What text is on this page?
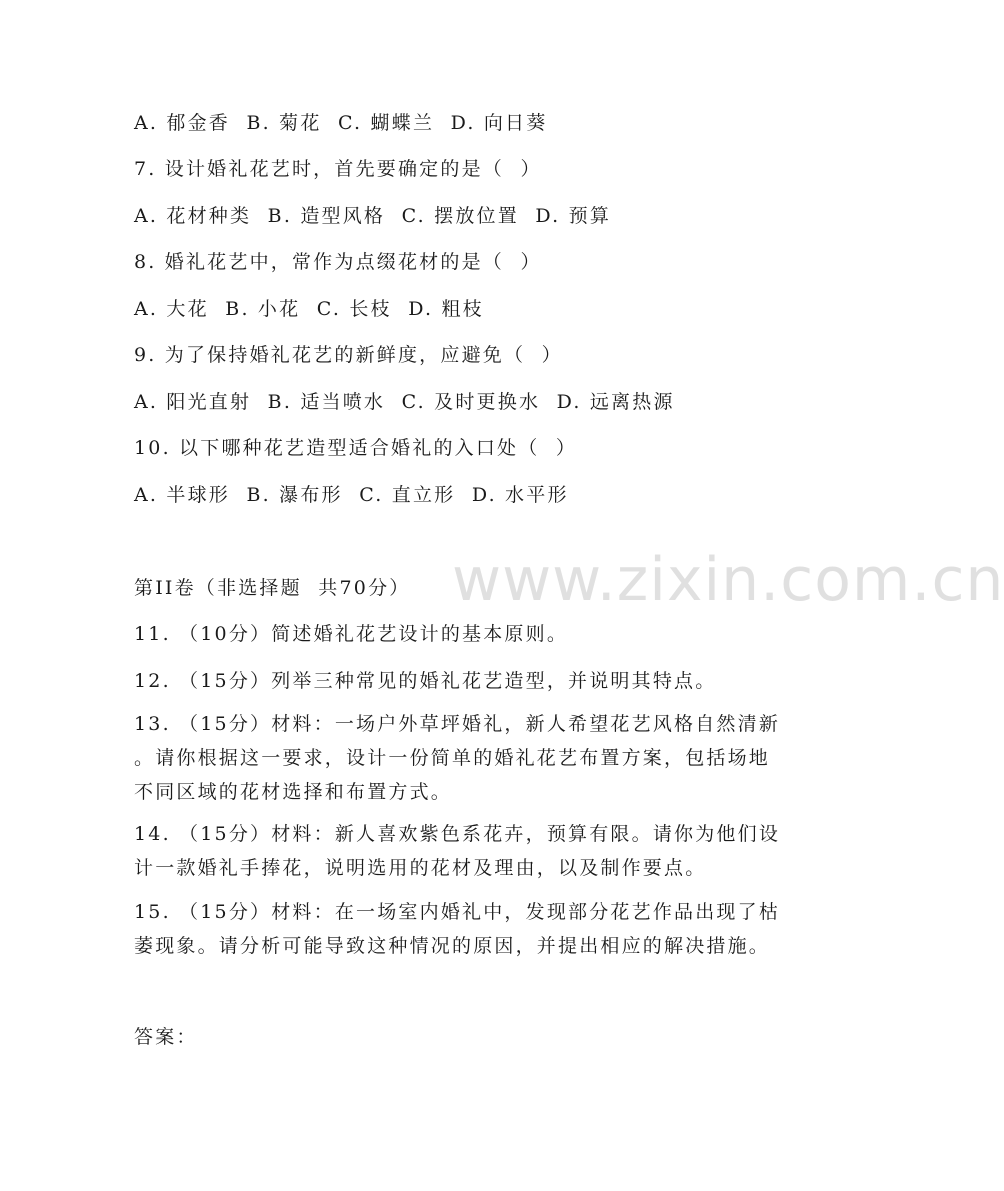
www.zixin.com.cn
A. 郁金香  B. 菊花  C. 蝴蝶兰  D. 向日葵
7. 设计婚礼花艺时，首先要确定的是（  ）
A. 花材种类  B. 造型风格  C. 摆放位置  D. 预算
8. 婚礼花艺中，常作为点缀花材的是（  ）
A. 大花  B. 小花  C. 长枝  D. 粗枝
9. 为了保持婚礼花艺的新鲜度，应避免（  ）
A. 阳光直射  B. 适当喷水  C. 及时更换水  D. 远离热源
10. 以下哪种花艺造型适合婚礼的入口处（  ）
A. 半球形  B. 瀑布形  C. 直立形  D. 水平形
第II卷（非选择题  共70分）
11. （10分）简述婚礼花艺设计的基本原则。
12. （15分）列举三种常见的婚礼花艺造型，并说明其特点。
13. （15分）材料：一场户外草坪婚礼，新人希望花艺风格自然清新
。请你根据这一要求，设计一份简单的婚礼花艺布置方案，包括场地
不同区域的花材选择和布置方式。
14. （15分）材料：新人喜欢紫色系花卉，预算有限。请你为他们设
计一款婚礼手捧花，说明选用的花材及理由，以及制作要点。
15. （15分）材料：在一场室内婚礼中，发现部分花艺作品出现了枯
萎现象。请分析可能导致这种情况的原因，并提出相应的解决措施。
答案：
